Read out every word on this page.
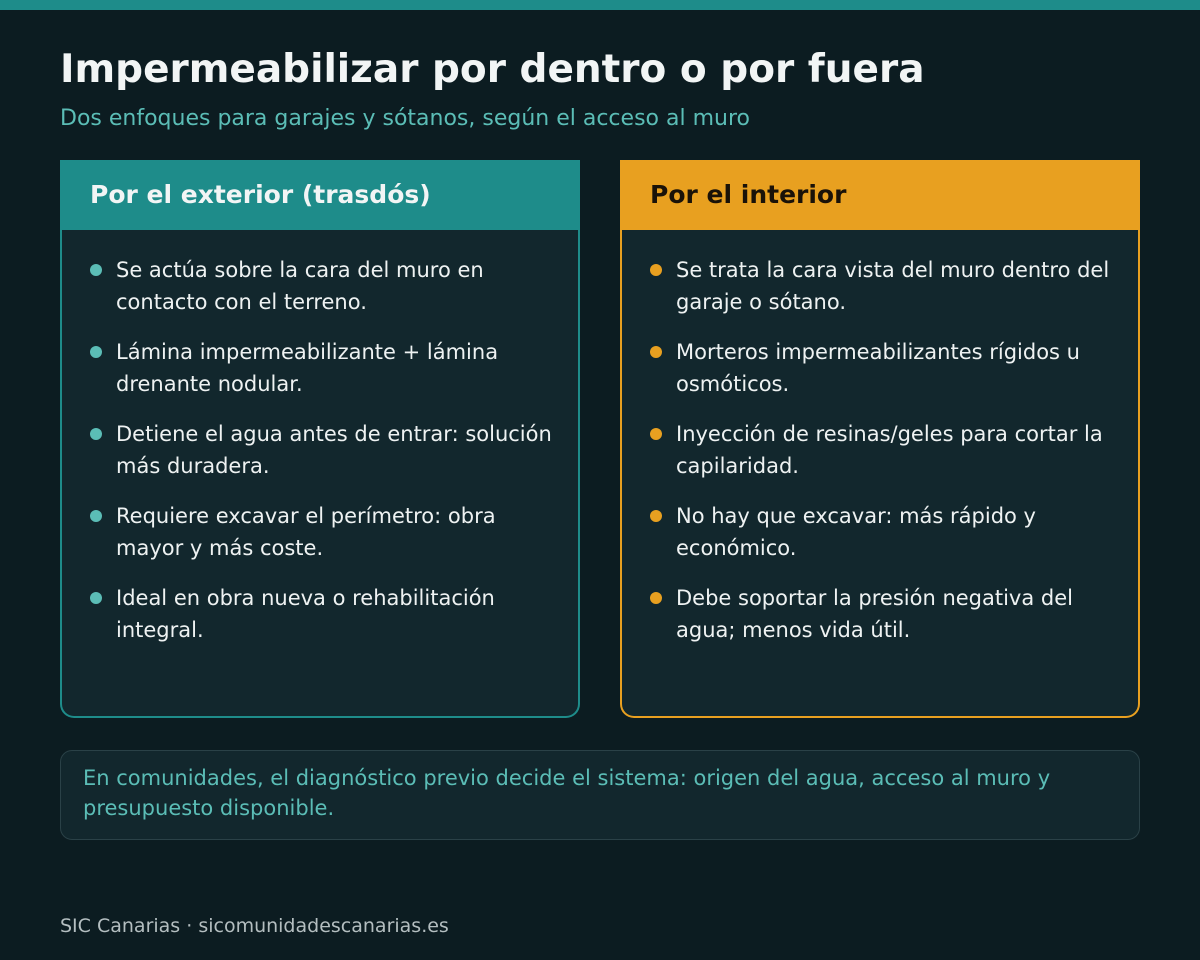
Impermeabilizar por dentro o por fuera

Dos enfoques para garajes y sótanos, según el acceso al muro

Por el exterior (trasdós)
Se actúa sobre la cara del muro en contacto con el terreno.
Lámina impermeabilizante + lámina drenante nodular.
Detiene el agua antes de entrar: solución más duradera.
Requiere excavar el perímetro: obra mayor y más coste.
Ideal en obra nueva o rehabilitación integral.
Por el interior
Se trata la cara vista del muro dentro del garaje o sótano.
Morteros impermeabilizantes rígidos u osmóticos.
Inyección de resinas/geles para cortar la capilaridad.
No hay que excavar: más rápido y económico.
Debe soportar la presión negativa del agua; menos vida útil.
En comunidades, el diagnóstico previo decide el sistema: origen del agua, acceso al muro y presupuesto disponible.
SIC Canarias · sicomunidadescanarias.es
